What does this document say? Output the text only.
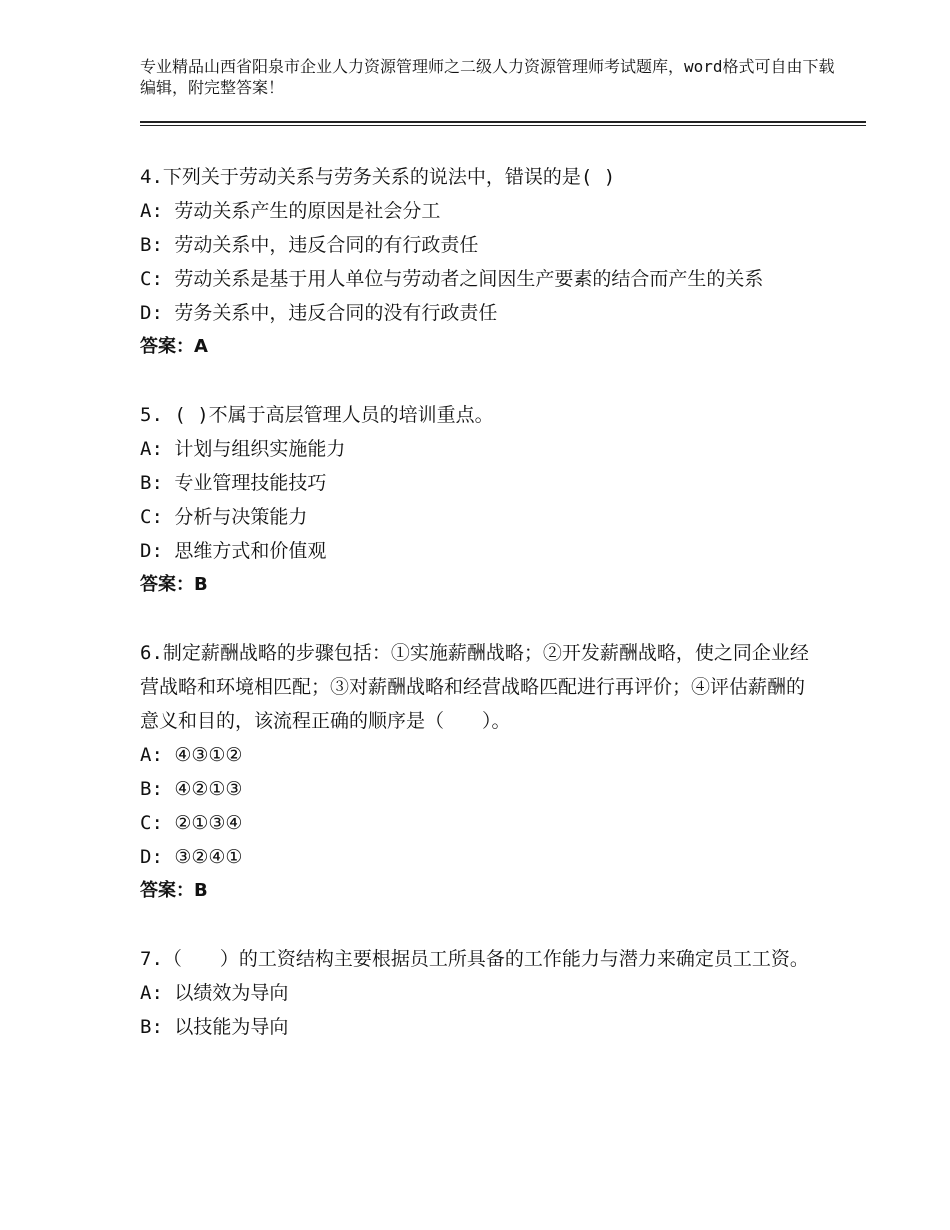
专业精品山西省阳泉市企业人力资源管理师之二级人力资源管理师考试题库，word格式可自由下载编辑，附完整答案！
4.下列关于劳动关系与劳务关系的说法中，错误的是( )
A: 劳动关系产生的原因是社会分工
B: 劳动关系中，违反合同的有行政责任
C: 劳动关系是基于用人单位与劳动者之间因生产要素的结合而产生的关系
D: 劳务关系中，违反合同的没有行政责任
答案：A
5. ( )不属于高层管理人员的培训重点。
A: 计划与组织实施能力
B: 专业管理技能技巧
C: 分析与决策能力
D: 思维方式和价值观
答案：B
6.制定薪酬战略的步骤包括：①实施薪酬战略；②开发薪酬战略，使之同企业经营战略和环境相匹配；③对薪酬战略和经营战略匹配进行再评价；④评估薪酬的意义和目的，该流程正确的顺序是（　　）。
A: ④③①②
B: ④②①③
C: ②①③④
D: ③②④①
答案：B
7.（　　）的工资结构主要根据员工所具备的工作能力与潜力来确定员工工资。
A: 以绩效为导向
B: 以技能为导向
